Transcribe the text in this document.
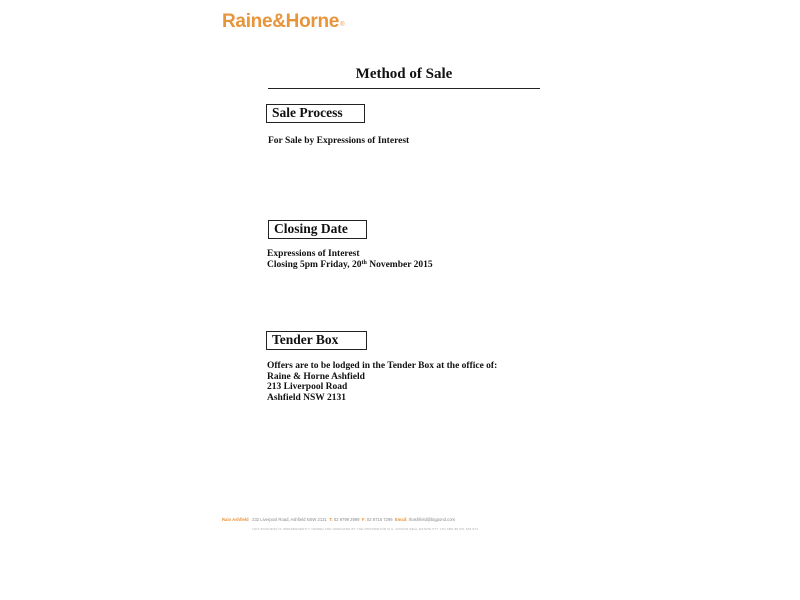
Raine&Horne®
Method of Sale
Sale Process
For Sale by Expressions of Interest
Closing Date
Expressions of Interest
Closing 5pm Friday, 20th November 2015
Tender Box
Offers are to be lodged in the Tender Box at the office of:
Raine & Horne Ashfield
213 Liverpool Road
Ashfield NSW 2131
Rain Ashfield 232 Liverpool Road, Ashfield NSW 2131 T: 02 9799 2999 F: 02 9716 7296 Email: rhashfield@bigpond.com
THIS BUSINESS IS INDEPENDENTLY OWNED AND OPERATED BY THE PROPRIETOR M.G. DIXSON REAL ESTATE PTY LTD ABN 88 001 645 874
